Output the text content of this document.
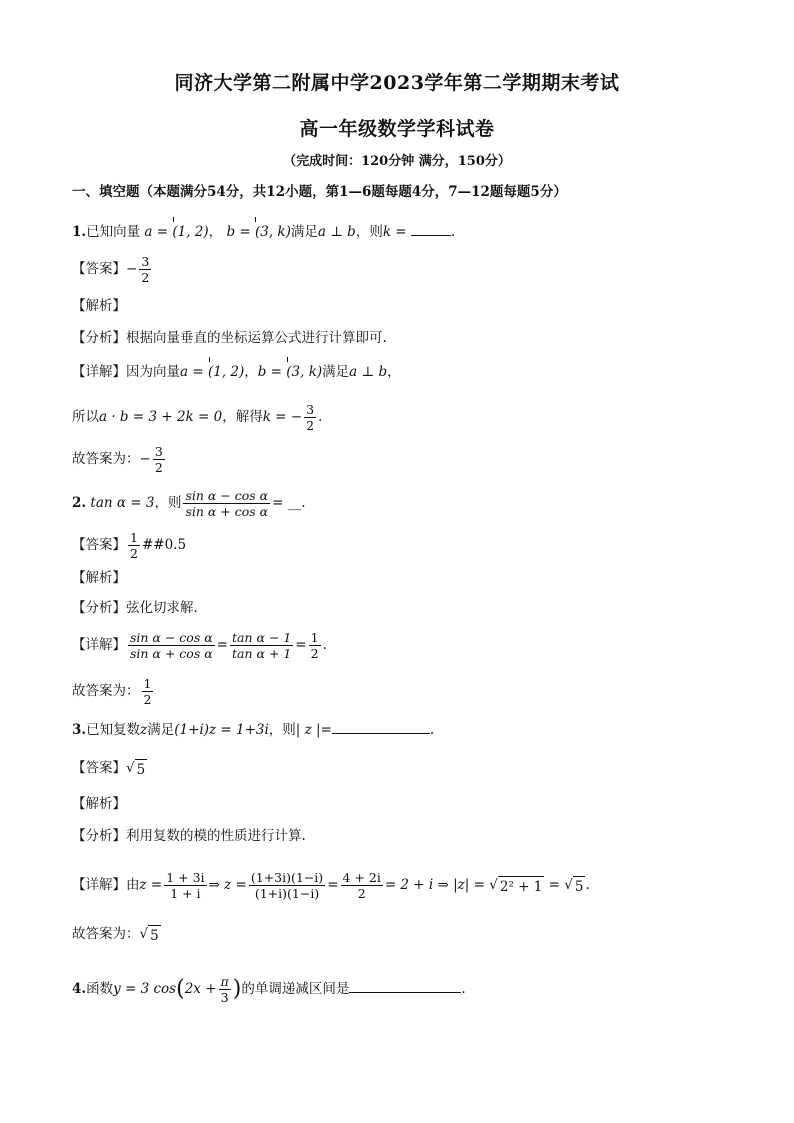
同济大学第二附属中学2023学年第二学期期末考试
高一年级数学学科试卷
（完成时间：120分钟 满分，150分）
一、填空题（本题满分54分，共12小题，第1—6题每题4分，7—12题每题5分）
1.已知向量 a = (1, 2)， b = (3, k)满足a ⊥ b，则k =	.
【答案】− $\frac{3}{2}$
【解析】
【分析】根据向量垂直的坐标运算公式进行计算即可.
【详解】因为向量a = (1, 2)，b = (3, k)满足a ⊥ b，
所以a · b = 3 + 2k = 0，解得k = − $\frac{3}{2}$ .
故答案为：− $\frac{3}{2}$
2. tan α = 3，则 $\frac{\text{sin α − cos α}}{\text{sin α + cos α}}$ = __.
【答案】 $\frac{1}{2}$ ##0.5
【解析】
【分析】弦化切求解.
【详解】 $\frac{\text{sin α − cos α}}{\text{sin α + cos α}} = \frac{\text{tan α − 1}}{\text{tan α + 1}} = \frac{1}{2}$ .
故答案为： $\frac{1}{2}$
3.已知复数z满足(1+i)z = 1+3i，则| z |=	.
【答案】√ 5
【解析】
【分析】利用复数的模的性质进行计算.
【详解】由$z = \frac{1 + 3i}{1 + i}$ ⇒ $z = \frac{(1+3i)(1-i)}{(1+i)(1-i)} = \frac{4 + 2i}{2} = 2 + i$ ⇒ |z| = √ 2² + 1 = √ 5 .
故答案为：√ 5
4.函数y = 3 $\cos(2x + \frac{\pi}{3}$ )的单调递减区间是	.
